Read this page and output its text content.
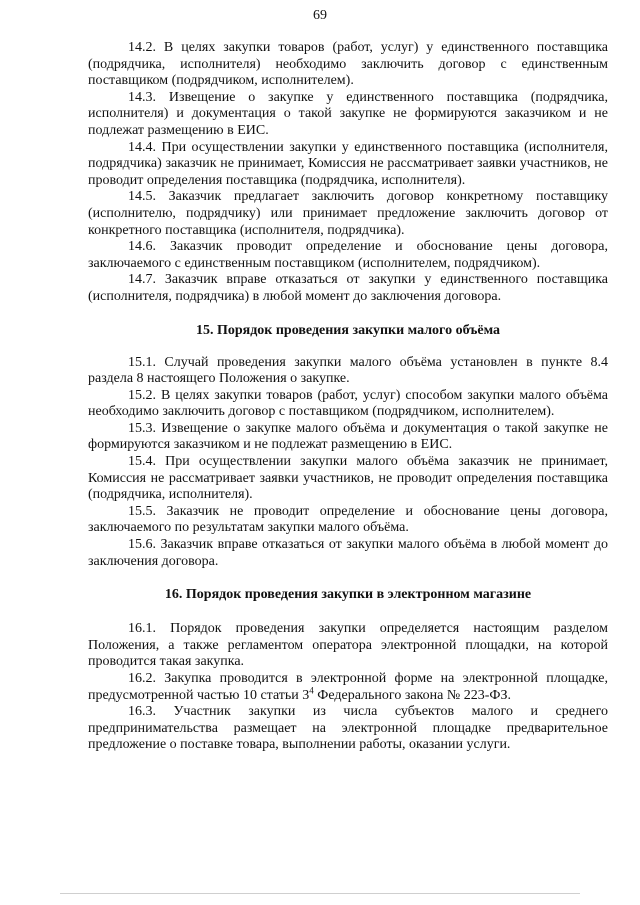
69

14.2. В целях закупки товаров (работ, услуг) у единственного поставщика (подрядчика, исполнителя) необходимо заключить договор с единственным поставщиком (подрядчиком, исполнителем).

14.3. Извещение о закупке у единственного поставщика (подрядчика, исполнителя) и документация о такой закупке не формируются заказчиком и не подлежат размещению в ЕИС.

14.4. При осуществлении закупки у единственного поставщика (исполнителя, подрядчика) заказчик не принимает, Комиссия не рассматривает заявки участников, не проводит определения поставщика (подрядчика, исполнителя).

14.5. Заказчик предлагает заключить договор конкретному поставщику (исполнителю, подрядчику) или принимает предложение заключить договор от конкретного поставщика (исполнителя, подрядчика).

14.6. Заказчик проводит определение и обоснование цены договора, заключаемого с единственным поставщиком (исполнителем, подрядчиком).

14.7. Заказчик вправе отказаться от закупки у единственного поставщика (исполнителя, подрядчика) в любой момент до заключения договора.

15. Порядок проведения закупки малого объёма

15.1. Случай проведения закупки малого объёма установлен в пункте 8.4 раздела 8 настоящего Положения о закупке.

15.2. В целях закупки товаров (работ, услуг) способом закупки малого объёма необходимо заключить договор с поставщиком (подрядчиком, исполнителем).

15.3. Извещение о закупке малого объёма и документация о такой закупке не формируются заказчиком и не подлежат размещению в ЕИС.

15.4. При осуществлении закупки малого объёма заказчик не принимает, Комиссия не рассматривает заявки участников, не проводит определения поставщика (подрядчика, исполнителя).

15.5. Заказчик не проводит определение и обоснование цены договора, заключаемого по результатам закупки малого объёма.

15.6. Заказчик вправе отказаться от закупки малого объёма в любой момент до заключения договора.

16. Порядок проведения закупки в электронном магазине

16.1. Порядок проведения закупки определяется настоящим разделом Положения, а также регламентом оператора электронной площадки, на которой проводится такая закупка.

16.2. Закупка проводится в электронной форме на электронной площадке, предусмотренной частью 10 статьи $3^4$ Федерального закона № 223-ФЗ.

16.3. Участник закупки из числа субъектов малого и среднего предпринимательства размещает на электронной площадке предварительное предложение о поставке товара, выполнении работы, оказании услуги.
